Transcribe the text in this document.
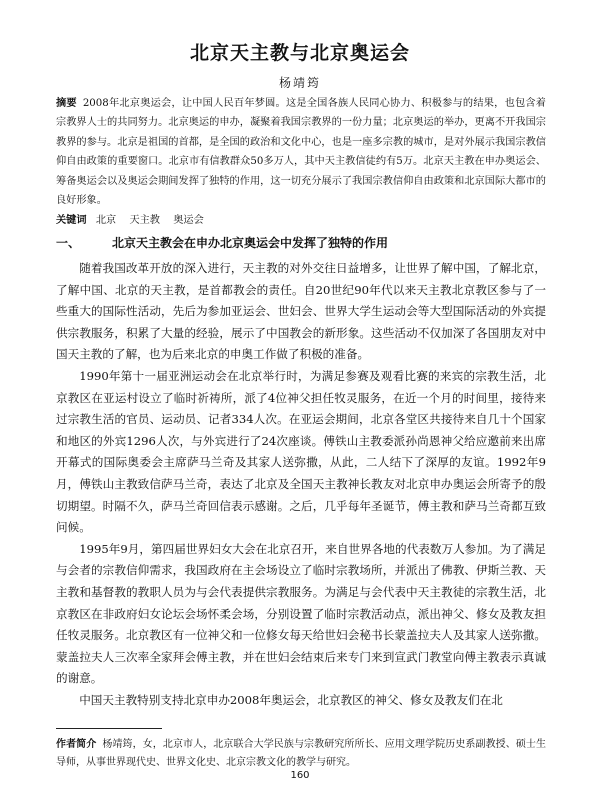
北京天主教与北京奥运会
杨靖筠
摘要 2008年北京奥运会，让中国人民百年梦圆。这是全国各族人民同心协力、积极参与的结果，也包含着宗教界人士的共同努力。北京奥运的申办，凝聚着我国宗教界的一份力量；北京奥运的举办，更离不开我国宗教界的参与。北京是祖国的首都，是全国的政治和文化中心，也是一座多宗教的城市，是对外展示我国宗教信仰自由政策的重要窗口。北京市有信教群众50多万人，其中天主教信徒约有5万。北京天主教在申办奥运会、筹备奥运会以及奥运会期间发挥了独特的作用，这一切充分展示了我国宗教信仰自由政策和北京国际大都市的良好形象。
关键词 北京 天主教 奥运会
一、	北京天主教会在申办北京奥运会中发挥了独特的作用

随着我国改革开放的深入进行，天主教的对外交往日益增多，让世界了解中国，了解北京，了解中国、北京的天主教，是首都教会的责任。自20世纪90年代以来天主教北京教区参与了一些重大的国际性活动，先后为参加亚运会、世妇会、世界大学生运动会等大型国际活动的外宾提供宗教服务，积累了大量的经验，展示了中国教会的新形象。这些活动不仅加深了各国朋友对中国天主教的了解，也为后来北京的申奥工作做了积极的准备。

1990年第十一届亚洲运动会在北京举行时，为满足参赛及观看比赛的来宾的宗教生活，北京教区在亚运村设立了临时祈祷所，派了4位神父担任牧灵服务，在近一个月的时间里，接待来过宗教生活的官员、运动员、记者334人次。在亚运会期间，北京各堂区共接待来自几十个国家和地区的外宾1296人次，与外宾进行了24次座谈。傅铁山主教委派孙尚恩神父给应邀前来出席开幕式的国际奥委会主席萨马兰奇及其家人送弥撒，从此，二人结下了深厚的友谊。1992年9月，傅铁山主教致信萨马兰奇，表达了北京及全国天主教神长教友对北京申办奥运会所寄予的殷切期望。时隔不久，萨马兰奇回信表示感谢。之后，几乎每年圣诞节，傅主教和萨马兰奇都互致问候。

1995年9月，第四届世界妇女大会在北京召开，来自世界各地的代表数万人参加。为了满足与会者的宗教信仰需求，我国政府在主会场设立了临时宗教场所，并派出了佛教、伊斯兰教、天主教和基督教的教职人员为与会代表提供宗教服务。为满足与会代表中天主教徒的宗教生活，北京教区在非政府妇女论坛会场怀柔会场，分别设置了临时宗教活动点，派出神父、修女及教友担任牧灵服务。北京教区有一位神父和一位修女每天给世妇会秘书长蒙盖拉夫人及其家人送弥撒。蒙盖拉夫人三次率全家拜会傅主教，并在世妇会结束后来专门来到宣武门教堂向傅主教表示真诚的谢意。

中国天主教特别支持北京申办2008年奥运会，北京教区的神父、修女及教友们在北

作者简介 杨靖筠，女，北京市人，北京联合大学民族与宗教研究所所长、应用文理学院历史系副教授、硕士生导师，从事世界现代史、世界文化史、北京宗教文化的教学与研究。
160
